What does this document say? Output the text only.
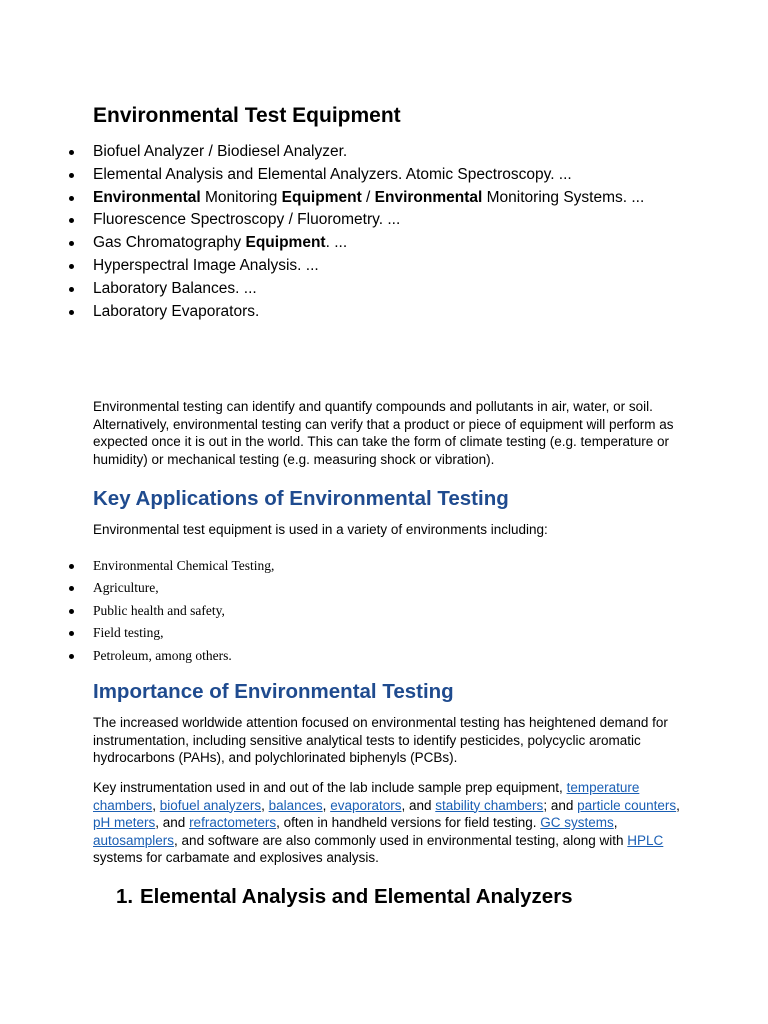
Environmental Test Equipment
Biofuel Analyzer / Biodiesel Analyzer.
Elemental Analysis and Elemental Analyzers. Atomic Spectroscopy. ...
Environmental Monitoring Equipment / Environmental Monitoring Systems. ...
Fluorescence Spectroscopy / Fluorometry. ...
Gas Chromatography Equipment. ...
Hyperspectral Image Analysis. ...
Laboratory Balances. ...
Laboratory Evaporators.

Environmental testing can identify and quantify compounds and pollutants in air, water, or soil. Alternatively, environmental testing can verify that a product or piece of equipment will perform as expected once it is out in the world. This can take the form of climate testing (e.g. temperature or humidity) or mechanical testing (e.g. measuring shock or vibration).

Key Applications of Environmental Testing

Environmental test equipment is used in a variety of environments including:

Environmental Chemical Testing,
Agriculture,
Public health and safety,
Field testing,
Petroleum, among others.
Importance of Environmental Testing

The increased worldwide attention focused on environmental testing has heightened demand for instrumentation, including sensitive analytical tests to identify pesticides, polycyclic aromatic hydrocarbons (PAHs), and polychlorinated biphenyls (PCBs).

Key instrumentation used in and out of the lab include sample prep equipment, temperature chambers, biofuel analyzers, balances, evaporators, and stability chambers; and particle counters, pH meters, and refractometers, often in handheld versions for field testing. GC systems, autosamplers, and software are also commonly used in environmental testing, along with HPLC systems for carbamate and explosives analysis.

1. Elemental Analysis and Elemental Analyzers
